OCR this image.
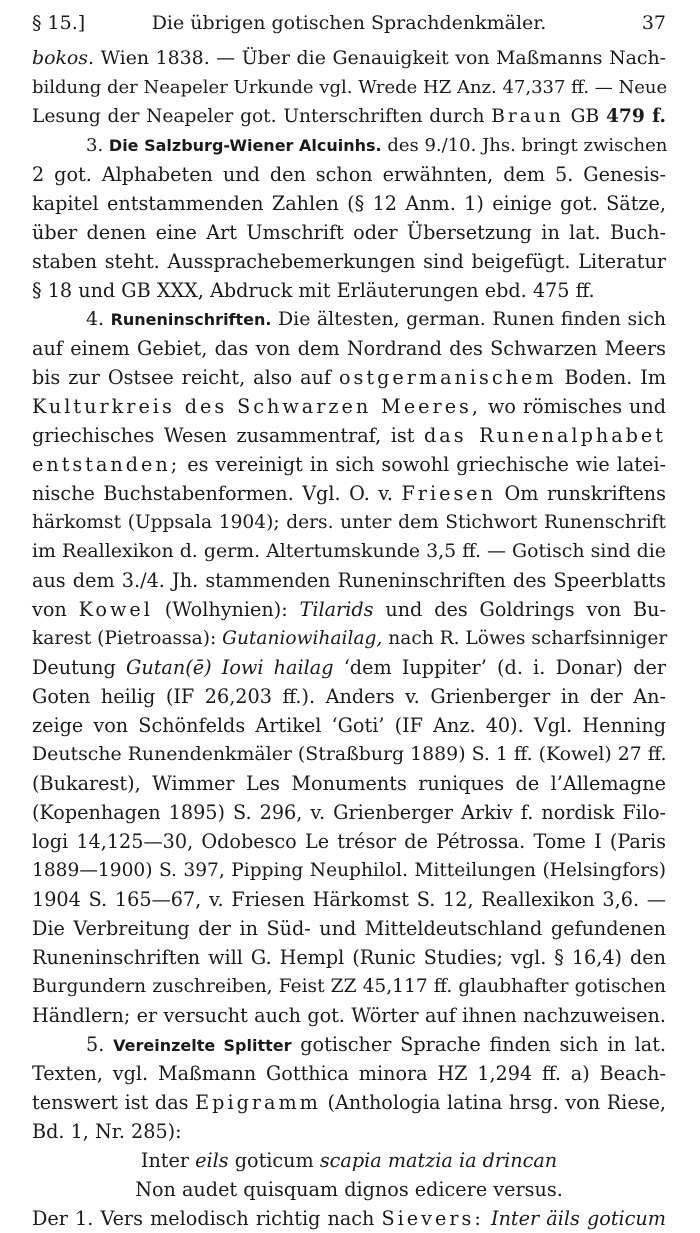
§ 15.]	Die übrigen gotischen Sprachdenkmäler.	37
bokos. Wien 1838. — Über die Genauigkeit von Maßmanns Nach-
bildung der Neapeler Urkunde vgl. Wrede HZ Anz. 47,337 ff. — Neue
Lesung der Neapeler got. Unterschriften durch Braun GB 479 f.
3. Die Salzburg-Wiener Alcuinhs. des 9./10. Jhs. bringt zwischen
2 got. Alphabeten und den schon erwähnten, dem 5. Genesis-
kapitel entstammenden Zahlen (§ 12 Anm. 1) einige got. Sätze,
über denen eine Art Umschrift oder Übersetzung in lat. Buch-
staben steht. Aussprachebemerkungen sind beigefügt. Literatur
§ 18 und GB XXX, Abdruck mit Erläuterungen ebd. 475 ff.
4. Runeninschriften. Die ältesten, german. Runen finden sich
auf einem Gebiet, das von dem Nordrand des Schwarzen Meers
bis zur Ostsee reicht, also auf ostgermanischem Boden. Im
Kulturkreis des Schwarzen Meeres, wo römisches und
griechisches Wesen zusammentraf, ist das Runenalphabet
entstanden; es vereinigt in sich sowohl griechische wie latei-
nische Buchstabenformen. Vgl. O. v. Friesen Om runskriftens
härkomst (Uppsala 1904); ders. unter dem Stichwort Runenschrift
im Reallexikon d. germ. Altertumskunde 3,5 ff. — Gotisch sind die
aus dem 3./4. Jh. stammenden Runeninschriften des Speerblatts
von Kowel (Wolhynien): Tilarids und des Goldrings von Bu-
karest (Pietroassa): Gutaniowihailag, nach R. Löwes scharfsinniger
Deutung Gutan(ē) Iowi hailag ‘dem Iuppiter’ (d. i. Donar) der
Goten heilig (IF 26,203 ff.). Anders v. Grienberger in der An-
zeige von Schönfelds Artikel ‘Goti’ (IF Anz. 40). Vgl. Henning
Deutsche Runendenkmäler (Straßburg 1889) S. 1 ff. (Kowel) 27 ff.
(Bukarest), Wimmer Les Monuments runiques de l’Allemagne
(Kopenhagen 1895) S. 296, v. Grienberger Arkiv f. nordisk Filo-
logi 14,125—30, Odobesco Le trésor de Pétrossa. Tome I (Paris
1889—1900) S. 397, Pipping Neuphilol. Mitteilungen (Helsingfors)
1904 S. 165—67, v. Friesen Härkomst S. 12, Reallexikon 3,6. —
Die Verbreitung der in Süd- und Mitteldeutschland gefundenen
Runeninschriften will G. Hempl (Runic Studies; vgl. § 16,4) den
Burgundern zuschreiben, Feist ZZ 45,117 ff. glaubhafter gotischen
Händlern; er versucht auch got. Wörter auf ihnen nachzuweisen.
5. Vereinzelte Splitter gotischer Sprache finden sich in lat.
Texten, vgl. Maßmann Gotthica minora HZ 1,294 ff. a) Beach-
tenswert ist das Epigramm (Anthologia latina hrsg. von Riese,
Bd. 1, Nr. 285):
Inter eils goticum scapia matzia ia drincan
Non audet quisquam dignos edicere versus.
Der 1. Vers melodisch richtig nach Sievers: Inter äils goticum
